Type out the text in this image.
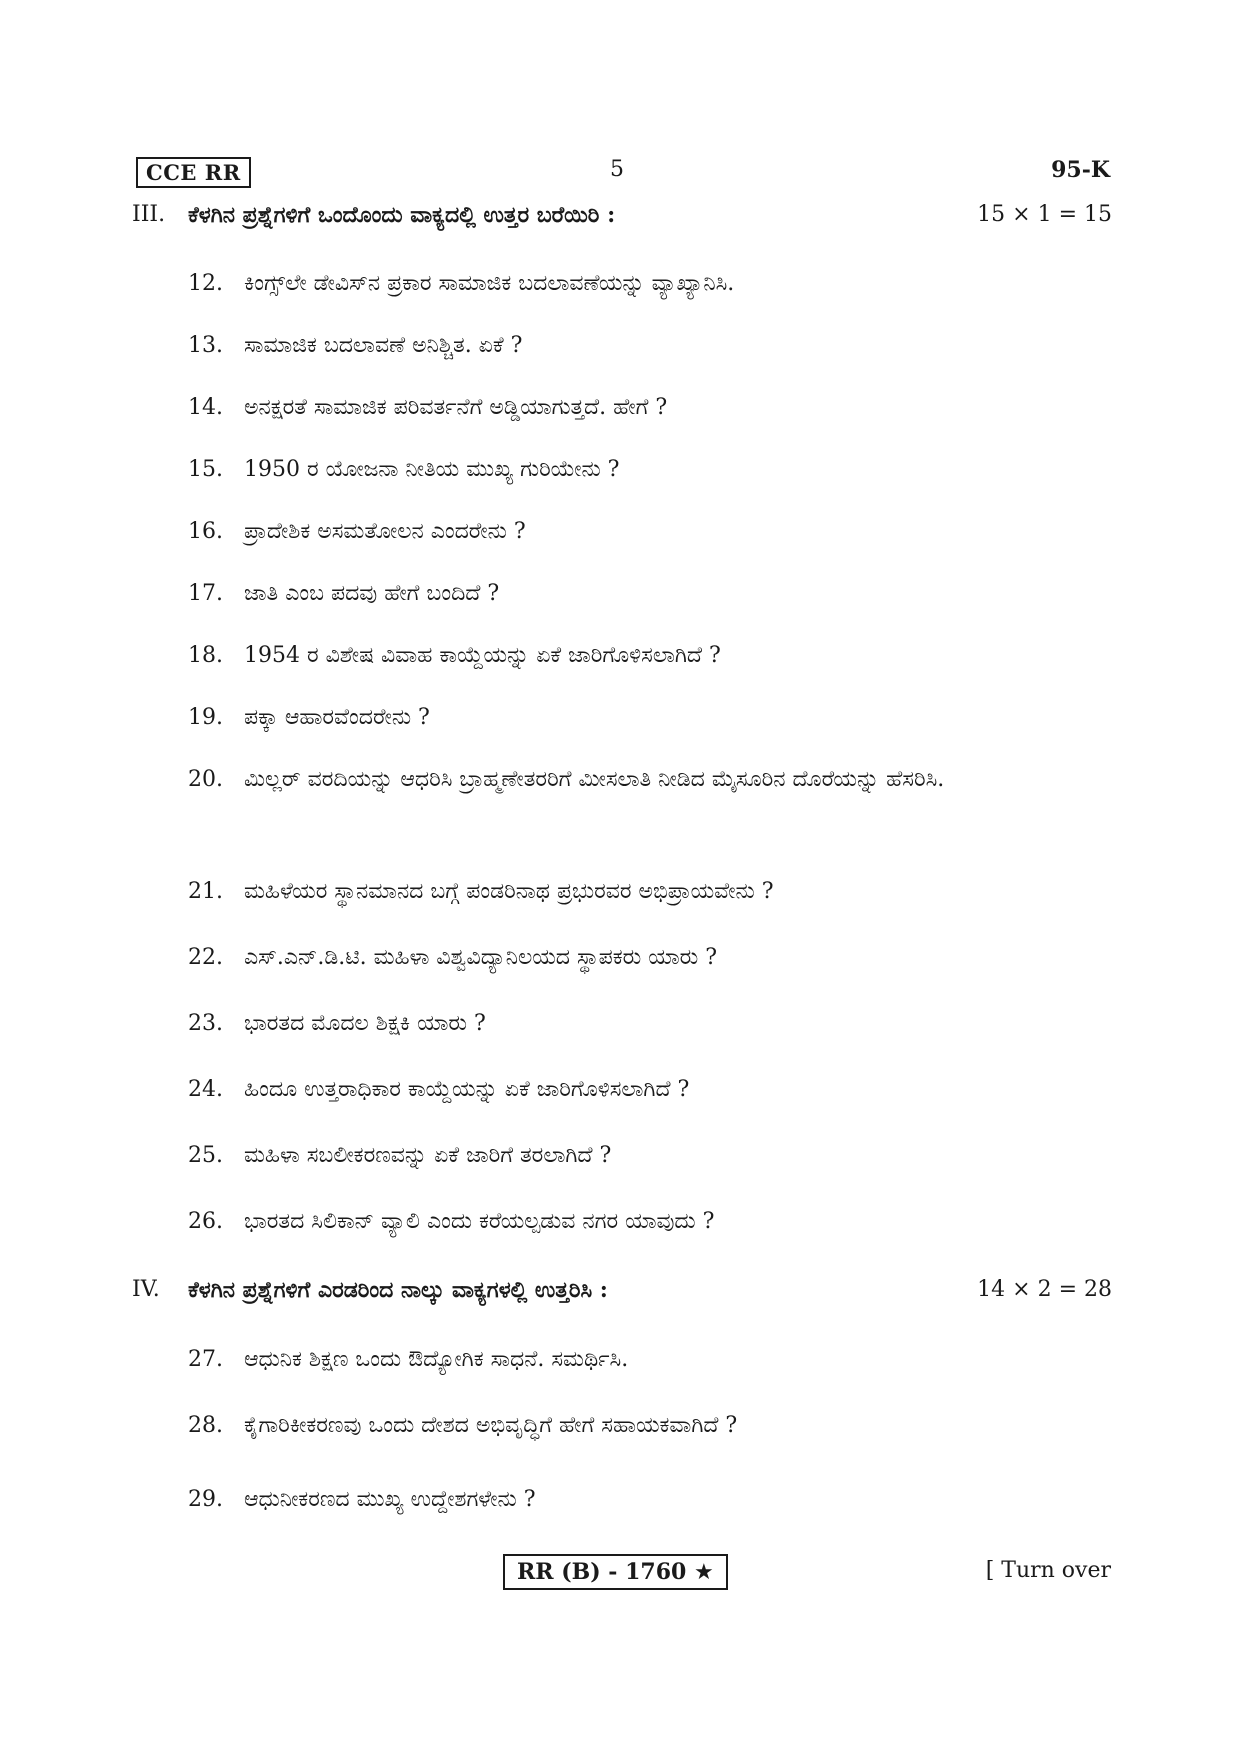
CCE RR	5	95-K
III. ಕೆಳಗಿನ ಪ್ರಶ್ನೆಗಳಿಗೆ ಒಂದೊಂದು ವಾಕ್ಯದಲ್ಲಿ ಉತ್ತರ ಬರೆಯಿರಿ :	15 × 1 = 15
12. ಕಿಂಗ್ಸ್‌ಲೇ ಡೇವಿಸ್‌ನ ಪ್ರಕಾರ ಸಾಮಾಜಿಕ ಬದಲಾವಣೆಯನ್ನು ವ್ಯಾಖ್ಯಾನಿಸಿ.
13. ಸಾಮಾಜಿಕ ಬದಲಾವಣೆ ಅನಿಶ್ಚಿತ. ಏಕೆ ?
14. ಅನಕ್ಷರತೆ ಸಾಮಾಜಿಕ ಪರಿವರ್ತನೆಗೆ ಅಡ್ಡಿಯಾಗುತ್ತದೆ. ಹೇಗೆ ?
15. 1950 ರ ಯೋಜನಾ ನೀತಿಯ ಮುಖ್ಯ ಗುರಿಯೇನು ?
16. ಪ್ರಾದೇಶಿಕ ಅಸಮತೋಲನ ಎಂದರೇನು ?
17. ಜಾತಿ ಎಂಬ ಪದವು ಹೇಗೆ ಬಂದಿದೆ ?
18. 1954 ರ ವಿಶೇಷ ವಿವಾಹ ಕಾಯ್ದೆಯನ್ನು ಏಕೆ ಜಾರಿಗೊಳಿಸಲಾಗಿದೆ ?
19. ಪಕ್ಕಾ ಆಹಾರವೆಂದರೇನು ?
20. ಮಿಲ್ಲರ್ ವರದಿಯನ್ನು ಆಧರಿಸಿ ಬ್ರಾಹ್ಮಣೇತರರಿಗೆ ಮೀಸಲಾತಿ ನೀಡಿದ ಮೈಸೂರಿನ ದೊರೆಯನ್ನು ಹೆಸರಿಸಿ.
21. ಮಹಿಳೆಯರ ಸ್ಥಾನಮಾನದ ಬಗ್ಗೆ ಪಂಡರಿನಾಥ ಪ್ರಭುರವರ ಅಭಿಪ್ರಾಯವೇನು ?
22. ಎಸ್.ಎನ್.ಡಿ.ಟಿ. ಮಹಿಳಾ ವಿಶ್ವವಿದ್ಯಾನಿಲಯದ ಸ್ಥಾಪಕರು ಯಾರು ?
23. ಭಾರತದ ಮೊದಲ ಶಿಕ್ಷಕಿ ಯಾರು ?
24. ಹಿಂದೂ ಉತ್ತರಾಧಿಕಾರ ಕಾಯ್ದೆಯನ್ನು ಏಕೆ ಜಾರಿಗೊಳಿಸಲಾಗಿದೆ ?
25. ಮಹಿಳಾ ಸಬಲೀಕರಣವನ್ನು ಏಕೆ ಜಾರಿಗೆ ತರಲಾಗಿದೆ ?
26. ಭಾರತದ ಸಿಲಿಕಾನ್ ವ್ಯಾಲಿ ಎಂದು ಕರೆಯಲ್ಪಡುವ ನಗರ ಯಾವುದು ?
IV. ಕೆಳಗಿನ ಪ್ರಶ್ನೆಗಳಿಗೆ ಎರಡರಿಂದ ನಾಲ್ಕು ವಾಕ್ಯಗಳಲ್ಲಿ ಉತ್ತರಿಸಿ :	14 × 2 = 28
27. ಆಧುನಿಕ ಶಿಕ್ಷಣ ಒಂದು ಔದ್ಯೋಗಿಕ ಸಾಧನೆ. ಸಮರ್ಥಿಸಿ.
28. ಕೈಗಾರಿಕೀಕರಣವು ಒಂದು ದೇಶದ ಅಭಿವೃದ್ಧಿಗೆ ಹೇಗೆ ಸಹಾಯಕವಾಗಿದೆ ?
29. ಆಧುನೀಕರಣದ ಮುಖ್ಯ ಉದ್ದೇಶಗಳೇನು ?
RR (B) - 1760 ★	[ Turn over
